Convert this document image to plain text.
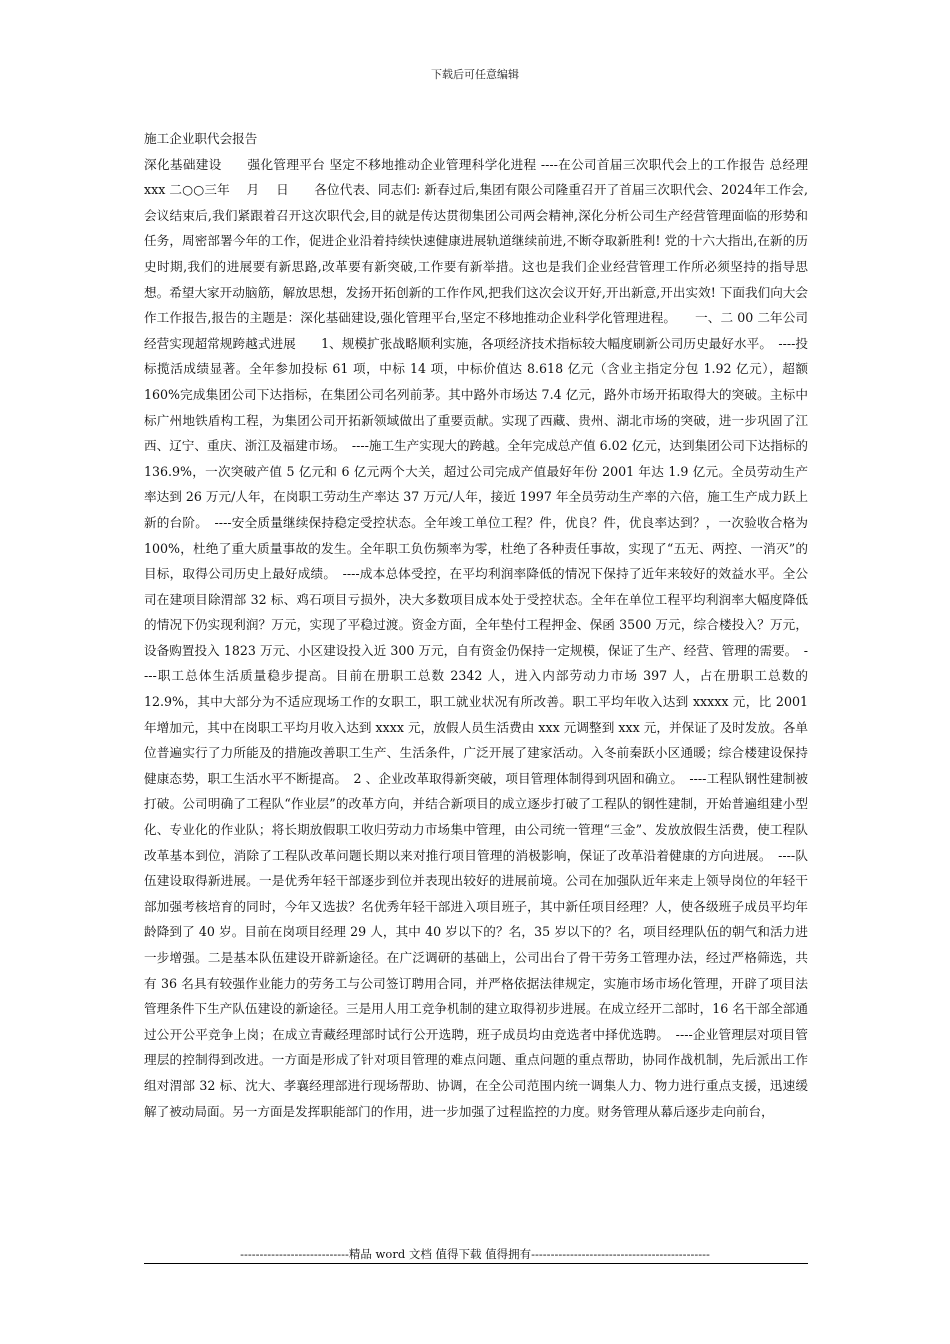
下载后可任意编辑

施工企业职代会报告

深化基础建设　　强化管理平台 坚定不移地推动企业管理科学化进程 ----在公司首届三次职代会上的工作报告 总经理　　　xxx 二○○三年　 月　 日　　各位代表、同志们: 新春过后,集团有限公司隆重召开了首届三次职代会、2024年工作会,会议结束后,我们紧跟着召开这次职代会,目的就是传达贯彻集团公司两会精神,深化分析公司生产经营管理面临的形势和任务，周密部署今年的工作，促进企业沿着持续快速健康进展轨道继续前进,不断夺取新胜利! 党的十六大指出,在新的历史时期,我们的进展要有新思路,改革要有新突破,工作要有新举措。这也是我们企业经营管理工作所必须坚持的指导思想。希望大家开动脑筋，解放思想，发扬开拓创新的工作作风,把我们这次会议开好,开出新意,开出实效! 下面我们向大会作工作报告,报告的主题是：深化基础建设,强化管理平台,坚定不移地推动企业科学化管理进程。　　一、二 00 二年公司经营实现超常规跨越式进展　　1、规模扩张战略顺利实施，各项经济技术指标较大幅度刷新公司历史最好水平。　----投标揽活成绩显著。全年参加投标 61 项，中标 14 项，中标价值达 8.618 亿元（含业主指定分包 1.92 亿元），超额 160%完成集团公司下达指标，在集团公司名列前茅。其中路外市场达 7.4 亿元，路外市场开拓取得大的突破。主标中标广州地铁盾构工程，为集团公司开拓新领域做出了重要贡献。实现了西藏、贵州、湖北市场的突破，进一步巩固了江西、辽宁、重庆、浙江及福建市场。　----施工生产实现大的跨越。全年完成总产值 6.02 亿元，达到集团公司下达指标的 136.9%，一次突破产值 5 亿元和 6 亿元两个大关，超过公司完成产值最好年份 2001 年达 1.9 亿元。全员劳动生产率达到 26 万元/人年，在岗职工劳动生产率达 37 万元/人年，接近 1997 年全员劳动生产率的六倍，施工生产成力跃上新的台阶。　----安全质量继续保持稳定受控状态。全年竣工单位工程？件，优良？件，优良率达到？，一次验收合格为 100%，杜绝了重大质量事故的发生。全年职工负伤频率为零，杜绝了各种责任事故，实现了“五无、两控、一消灭”的目标，取得公司历史上最好成绩。　----成本总体受控，在平均利润率降低的情况下保持了近年来较好的效益水平。全公司在建项目除渭部 32 标、鸡石项目亏损外，决大多数项目成本处于受控状态。全年在单位工程平均利润率大幅度降低的情况下仍实现利润？万元，实现了平稳过渡。资金方面，全年垫付工程押金、保函 3500 万元，综合楼投入？万元，设备购置投入 1823 万元、小区建设投入近 300 万元，自有资金仍保持一定规模，保证了生产、经营、管理的需要。　----职工总体生活质量稳步提高。目前在册职工总数 2342 人，进入内部劳动力市场 397 人，占在册职工总数的 12.9%，其中大部分为不适应现场工作的女职工，职工就业状况有所改善。职工平均年收入达到 xxxxx 元，比 2001 年增加元，其中在岗职工平均月收入达到 xxxx 元，放假人员生活费由 xxx 元调整到 xxx 元，并保证了及时发放。各单位普遍实行了力所能及的措施改善职工生产、生活条件，广泛开展了建家活动。入冬前秦跃小区通暖；综合楼建设保持健康态势，职工生活水平不断提高。　2 、企业改革取得新突破，项目管理体制得到巩固和确立。　----工程队钢性建制被打破。公司明确了工程队“作业层”的改革方向，并结合新项目的成立逐步打破了工程队的钢性建制，开始普遍组建小型化、专业化的作业队；将长期放假职工收归劳动力市场集中管理，由公司统一管理“三金”、发放放假生活费，使工程队改革基本到位，消除了工程队改革问题长期以来对推行项目管理的消极影响，保证了改革沿着健康的方向进展。　----队伍建设取得新进展。一是优秀年轻干部逐步到位并表现出较好的进展前境。公司在加强队近年来走上领导岗位的年轻干部加强考核培育的同时，今年又选拔？名优秀年轻干部进入项目班子，其中新任项目经理？人，使各级班子成员平均年龄降到了 40 岁。目前在岗项目经理 29 人，其中 40 岁以下的？名，35 岁以下的？名，项目经理队伍的朝气和活力进一步增强。二是基本队伍建设开辟新途径。在广泛调研的基础上，公司出台了骨干劳务工管理办法，经过严格筛选，共有 36 名具有较强作业能力的劳务工与公司签订聘用合同，并严格依据法律规定，实施市场市场化管理，开辟了项目法管理条件下生产队伍建设的新途径。三是用人用工竞争机制的建立取得初步进展。在成立经开二部时，16 名干部全部通过公开公平竞争上岗；在成立青藏经理部时试行公开选聘，班子成员均由竞选者中择优选聘。　----企业管理层对项目管理层的控制得到改进。一方面是形成了针对项目管理的难点问题、重点问题的重点帮助，协同作战机制，先后派出工作组对渭部 32 标、沈大、孝襄经理部进行现场帮助、协调，在全公司范围内统一调集人力、物力进行重点支援，迅速缓解了被动局面。另一方面是发挥职能部门的作用，进一步加强了过程监控的力度。财务管理从幕后逐步走向前台，

----------------------------精品 word 文档 值得下载 值得拥有----------------------------------------------
